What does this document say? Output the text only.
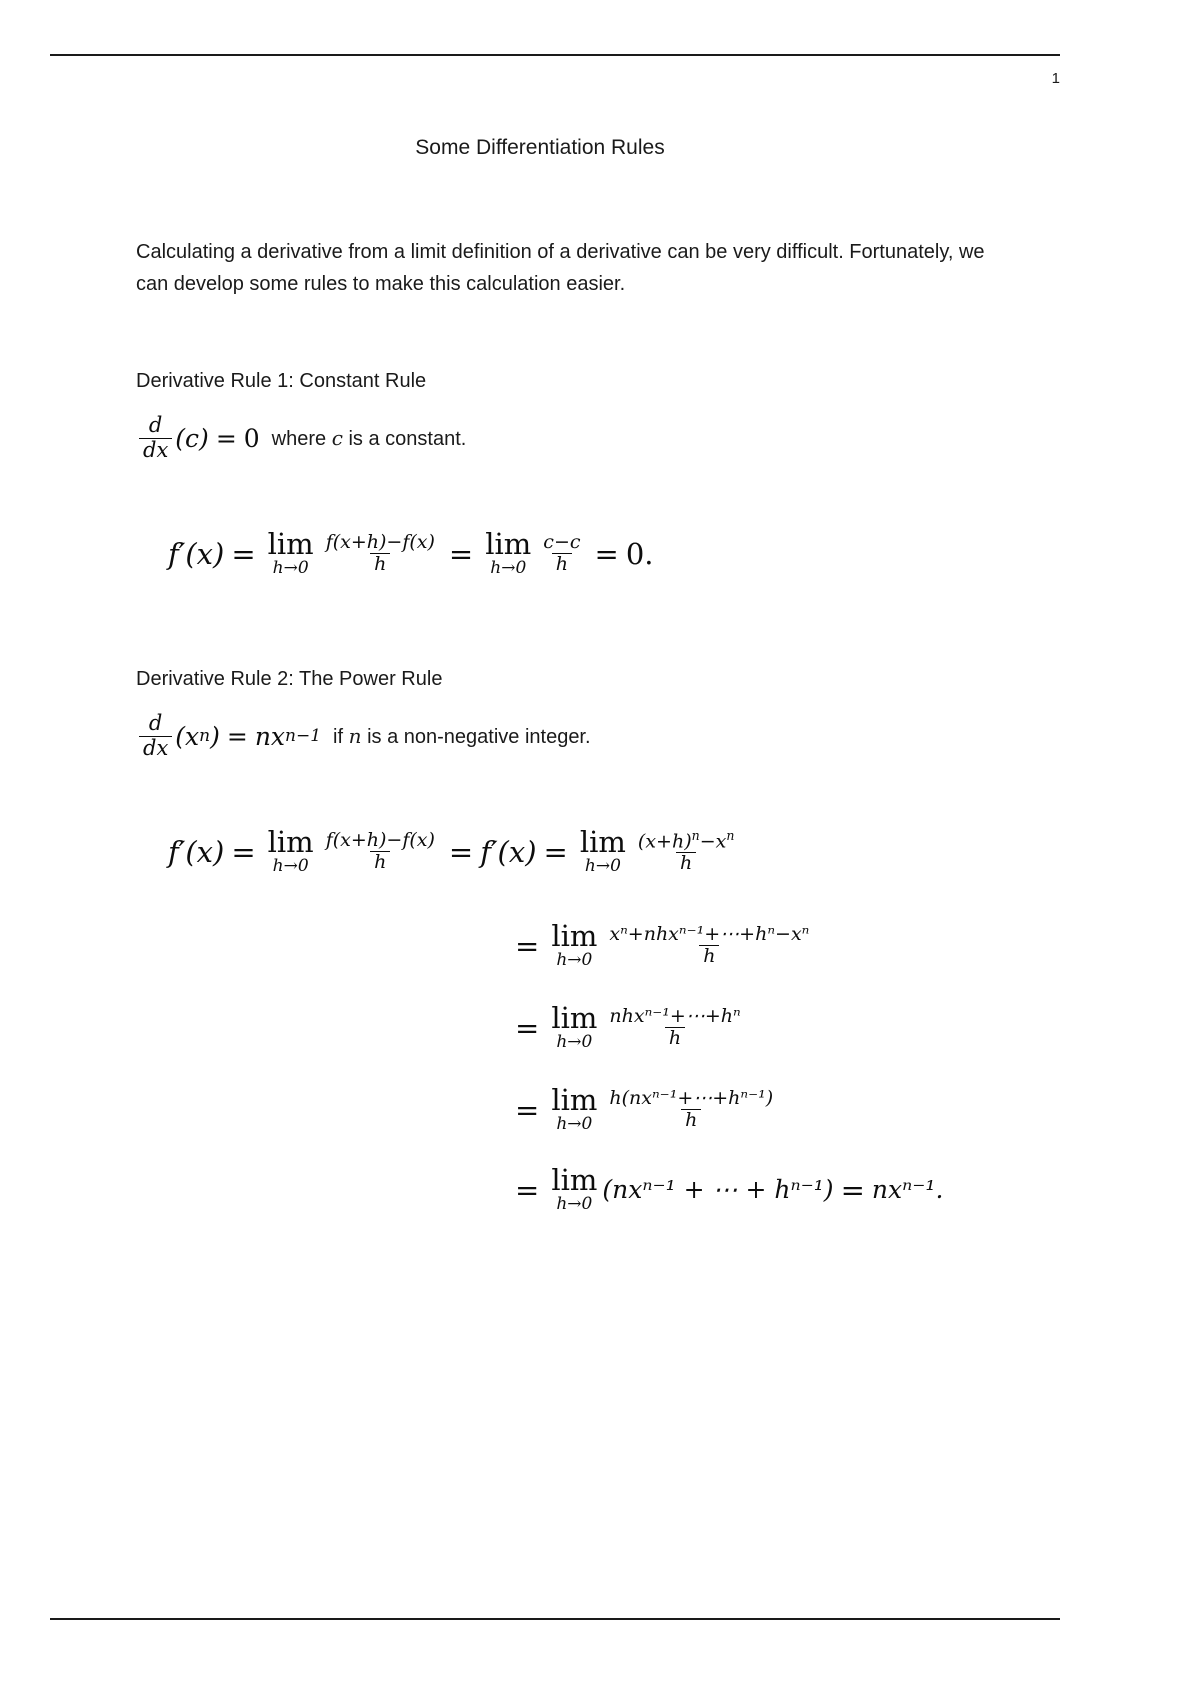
1
Some Differentiation Rules
Calculating a derivative from a limit definition of a derivative can be very difficult. Fortunately, we can develop some rules to make this calculation easier.
Derivative Rule 1: Constant Rule
$\frac{d}{dx} (c) = 0$ where c is a constant.
f′(x) = lim
$h\to 0 \frac{f(x+h)-f(x)}{h} = \lim$
$h\to 0 \frac{c-c}{h} = 0$.
Derivative Rule 2: The Power Rule
$\frac{d}{dx} (x$ n ) = nx n−1 if n is a non-negative integer.
f′(x) = lim
$h\to 0 \frac{f(x+h)-f(x)}{h} = f'(x) = \lim$
$h\to 0 \frac{(x+h)^n-x^n}{h}$
= lim
$h\to 0 \frac{\text{xⁿ+nhxⁿ⁻¹+⋯+hⁿ−xⁿ}}{h}$
= lim
$h\to 0 \frac{\text{nhxⁿ⁻¹+⋯+hⁿ}}{h}$
= lim
$h\to 0 \frac{\text{h(nxⁿ⁻¹+⋯+hⁿ⁻¹)}}{h}$
= lim
h→0 (nxⁿ⁻¹ + ⋯ + hⁿ⁻¹) = nxⁿ⁻¹.
